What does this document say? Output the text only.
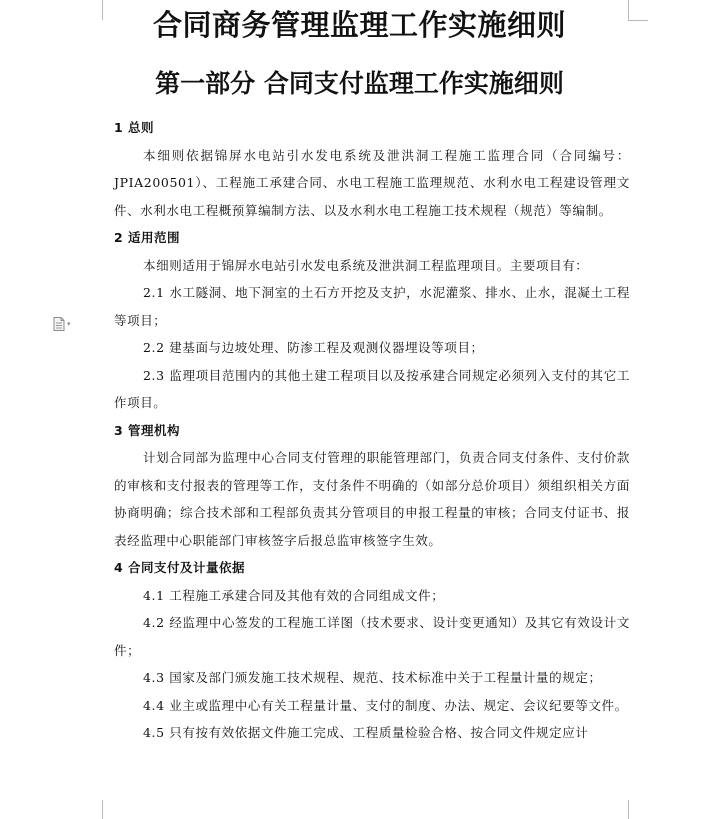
合同商务管理监理工作实施细则
第一部分 合同支付监理工作实施细则
▾
1 总则
本细则依据锦屏水电站引水发电系统及泄洪洞工程施工监理合同（合同编号：JPIA200501）、工程施工承建合同、水电工程施工监理规范、水利水电工程建设管理文件、水利水电工程概预算编制方法、以及水利水电工程施工技术规程（规范）等编制。
2 适用范围
本细则适用于锦屏水电站引水发电系统及泄洪洞工程监理项目。主要项目有：
2.1 水工隧洞、地下洞室的土石方开挖及支护，水泥灌浆、排水、止水，混凝土工程等项目；
2.2 建基面与边坡处理、防渗工程及观测仪器埋设等项目；
2.3 监理项目范围内的其他土建工程项目以及按承建合同规定必须列入支付的其它工作项目。
3 管理机构
计划合同部为监理中心合同支付管理的职能管理部门，负责合同支付条件、支付价款的审核和支付报表的管理等工作，支付条件不明确的（如部分总价项目）须组织相关方面协商明确；综合技术部和工程部负责其分管项目的申报工程量的审核；合同支付证书、报表经监理中心职能部门审核签字后报总监审核签字生效。
4 合同支付及计量依据
4.1 工程施工承建合同及其他有效的合同组成文件；
4.2 经监理中心签发的工程施工详图（技术要求、设计变更通知）及其它有效设计文件；
4.3 国家及部门颁发施工技术规程、规范、技术标准中关于工程量计量的规定；
4.4 业主或监理中心有关工程量计量、支付的制度、办法、规定、会议纪要等文件。
4.5 只有按有效依据文件施工完成、工程质量检验合格、按合同文件规定应计
